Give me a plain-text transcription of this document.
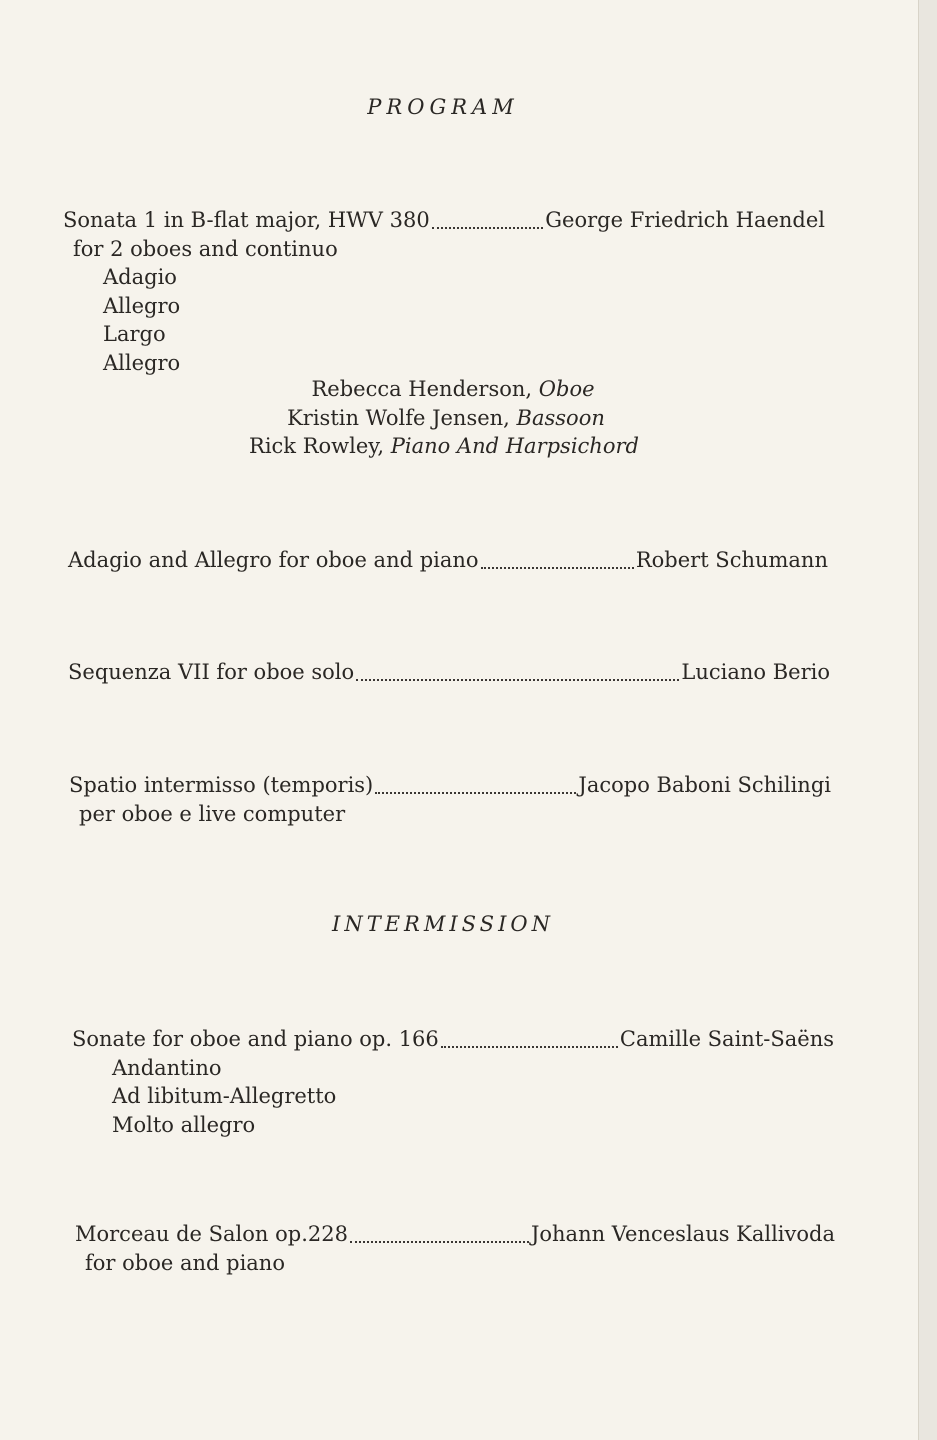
PROGRAM
Sonata 1 in B-flat major, HWV 380	George Friedrich Haendel
for 2 oboes and continuo
Adagio
Allegro
Largo
Allegro
Rebecca Henderson, Oboe
Kristin Wolfe Jensen, Bassoon
Rick Rowley, Piano And Harpsichord
Adagio and Allegro for oboe and piano	Robert Schumann
Sequenza VII for oboe solo	Luciano Berio
Spatio intermisso (temporis)	Jacopo Baboni Schilingi
per oboe e live computer
INTERMISSION
Sonate for oboe and piano op. 166	Camille Saint-Saëns
Andantino
Ad libitum-Allegretto
Molto allegro
Morceau de Salon op.228	Johann Venceslaus Kallivoda
for oboe and piano
